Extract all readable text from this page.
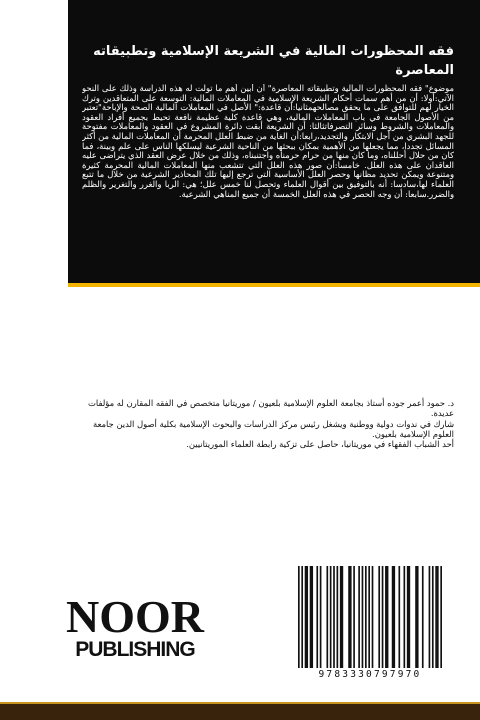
فقه المحظورات المالية في الشريعة الإسلامية وتطبيقاته المعاصرة

موضوع" فقه المحظورات المالية وتطبيقاته المعاصرة" أن أبين أهم ما تولت له هذه الدراسة وذلك على النحو الآتي:أولا: أن من أهم سمات أحكام الشريعة الإسلامية في المعاملات المالية: التوسعة على المتعاقدين وترك الخيار لهم للتوافق على ما يحقق مصالحهمثانيا:أن قاعدة:" الأصل في المعاملات المالية الصحة والإباحة"تعتبر من الأصول الجامعة في باب المعاملات المالية، وهي قاعدة كلية عظيمة نافعة تحيط بجميع أفراد العقود والمعاملات والشروط وسائر التصرفاتثالثا: أن الشريعة أبقت دائرة المشروع في العقود والمعاملات مفتوحة للجهد البشري من أجل الابتكار والتجديد،رابعا:أن الغاية من ضبط العلل المحرمة أن المعاملات المالية من أكثر المسائل تجددا، مما يجعلها من الأهمية بمكان ببحثها من الناحية الشرعية ليسلكها الناس على علم وبينة، فما كان من حلال أحللناه، وما كان منها من حرام حرمناه واجتنبناه، وذلك من خلال عرض العقد الذي يتراضى عليه العاقدان على هذه العلل. خامسا:أن صور هذه العلل التي تتشعب منها المعاملات المالية المحرمة كثيرة ومتنوعة ويمكن تحديد مظانها وحصر العلل الأساسية التي ترجع إليها تلك المحاذير الشرعية من خلال ما تتبع العلماء لها،سادسا: أنه بالتوفيق بين أقوال العلماء وتحصل لنا خمس علل؛ هي: الربا والغرر والتغرير والظلم والضرر.سابعا: أن وجه الحصر في هذه العلل الخمسة أن جميع المناهي الشرعية.

د. حمود أعمر جوده أستاذ بجامعة العلوم الإسلامية بلعيون / موريتانيا متخصص في الفقه المقارن له مؤلفات عديدة.

شارك في ندوات دولية ووطنية ويشغل رئيس مركز الدراسات والبحوث الإسلامية بكلية أصول الدين جامعة العلوم الإسلامية بلعيون.

أحد الشباب الفقهاء في موريتانيا، حاصل على تزكية رابطة العلماء الموريتانيين.

NOOR
PUBLISHING
9783330797970
